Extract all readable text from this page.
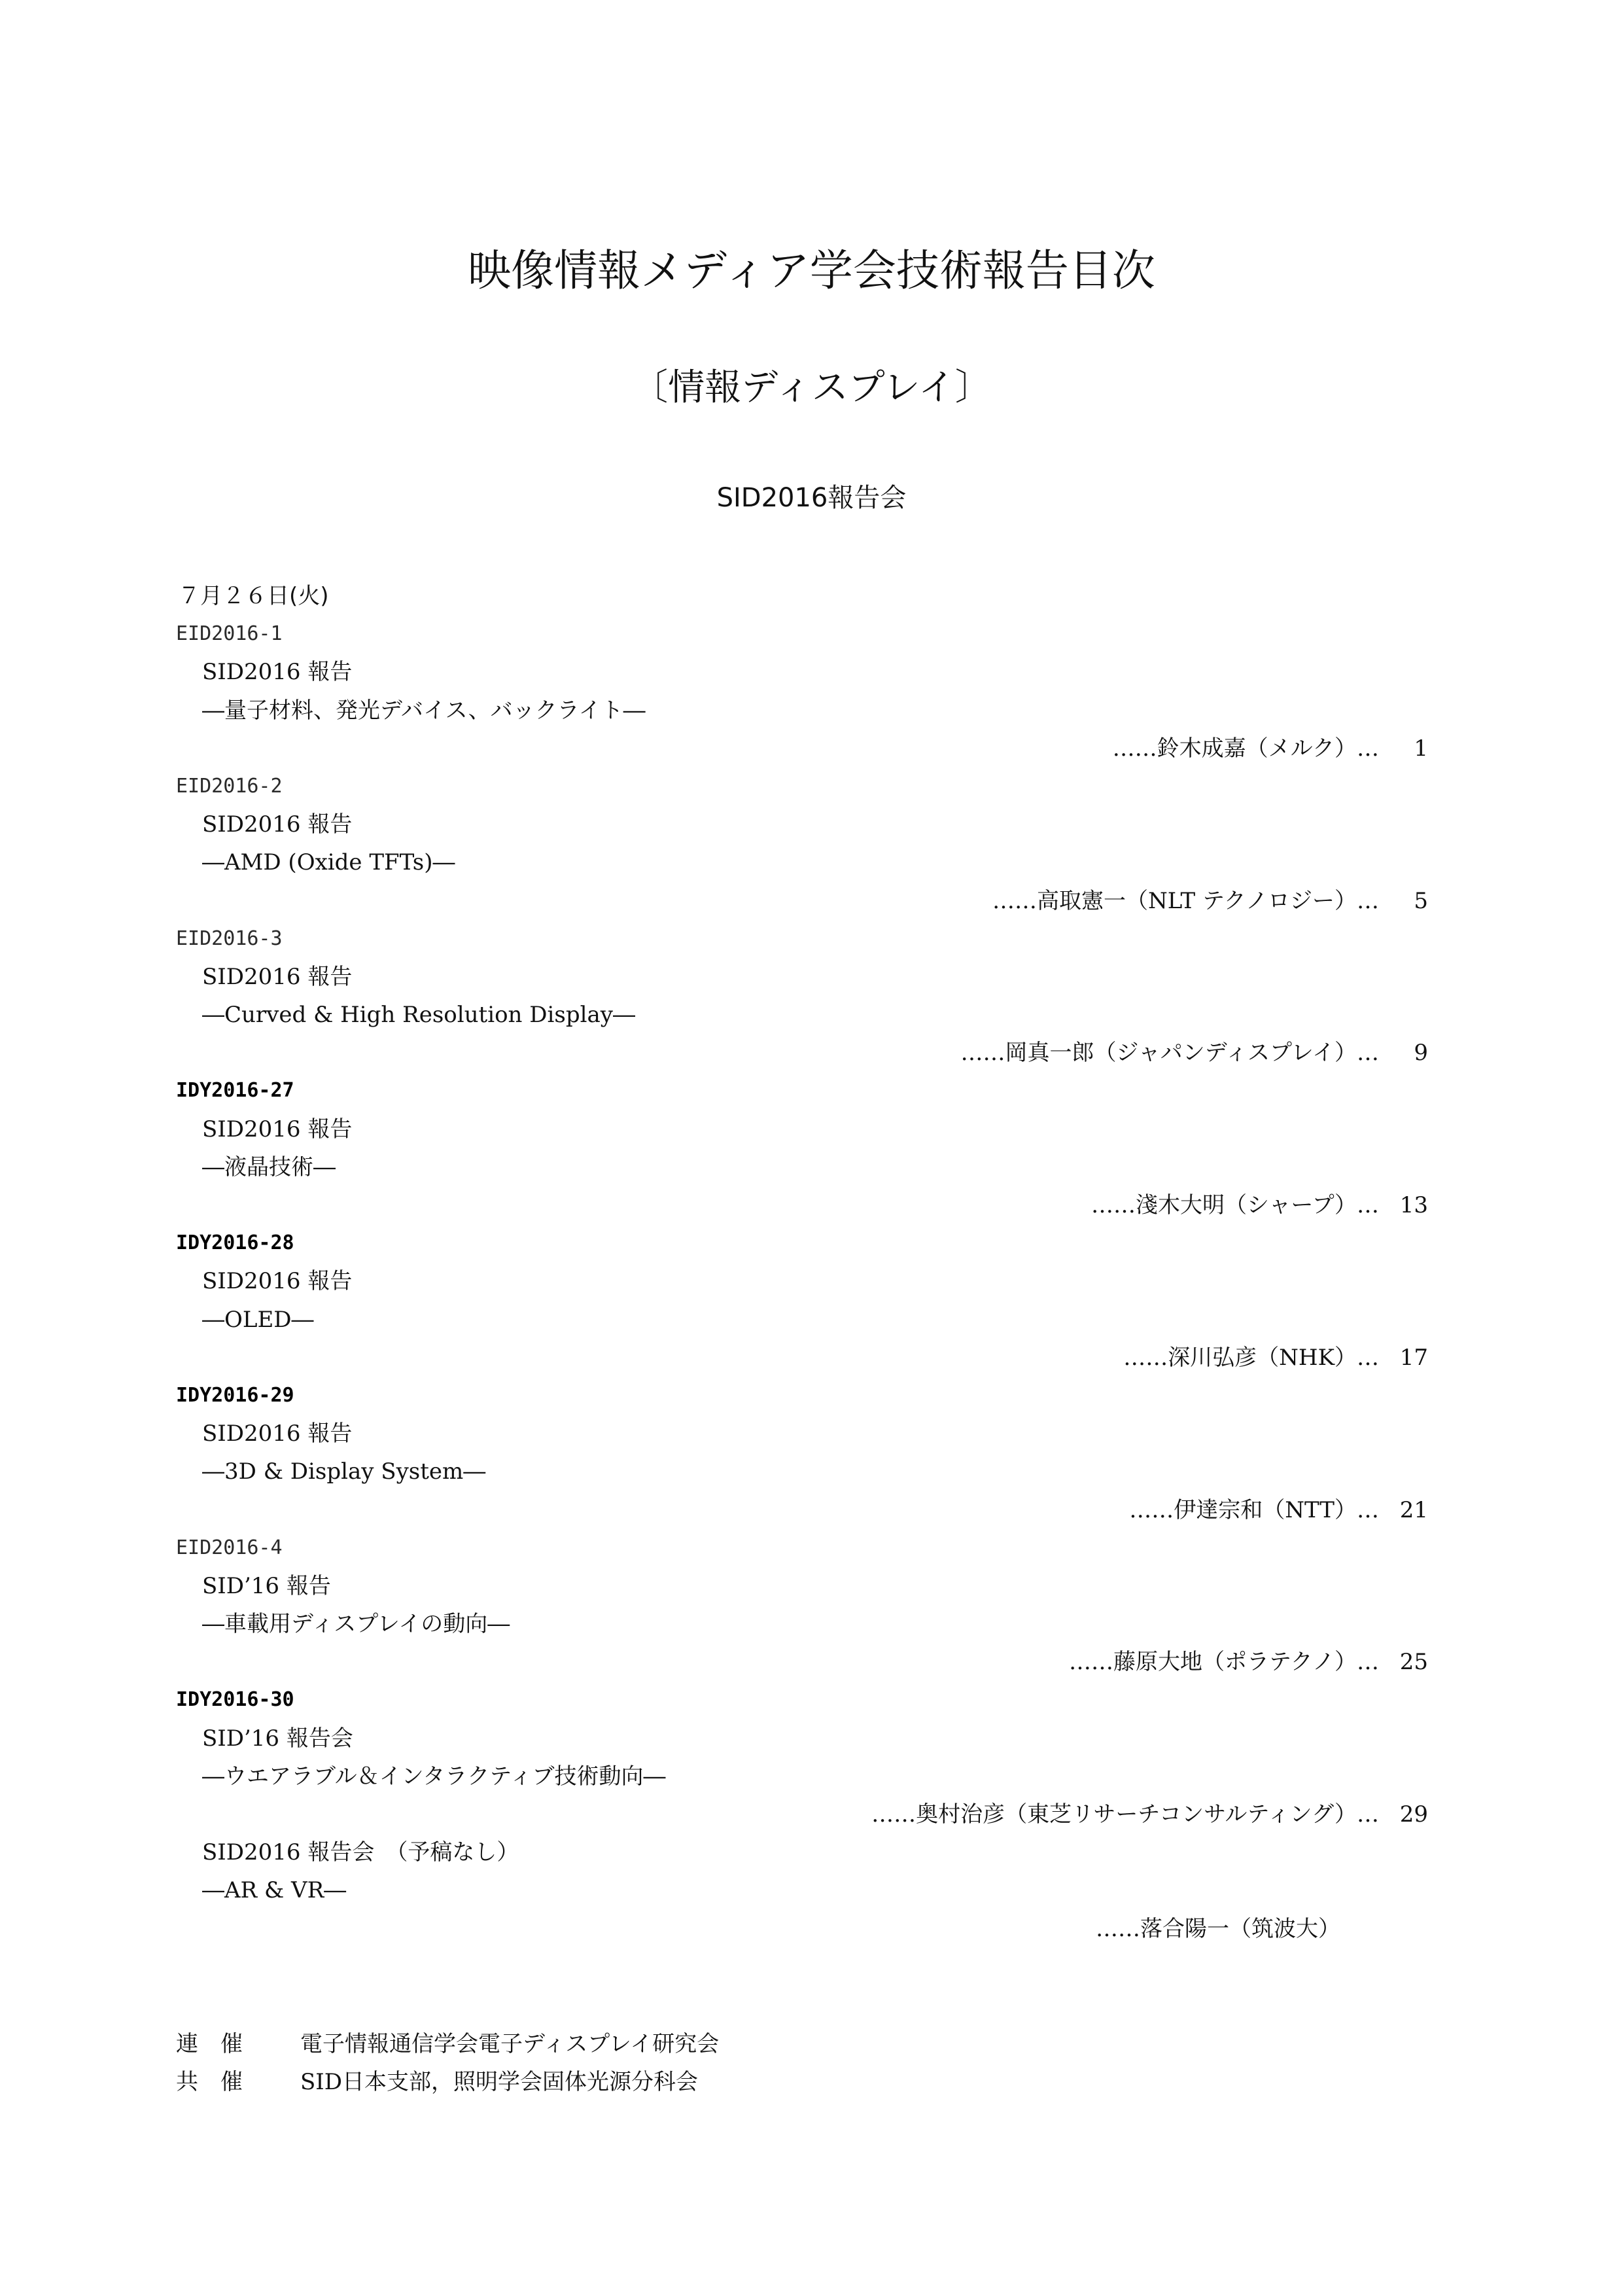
映像情報メディア学会技術報告目次
〔情報ディスプレイ〕
SID2016報告会
７月２６日(火)
EID2016-1
SID2016 報告
―量子材料、発光デバイス、バックライト―
……鈴木成嘉（メルク）…	1
EID2016-2
SID2016 報告
―AMD (Oxide TFTs)―
……高取憲一（NLT テクノロジー）…	5
EID2016-3
SID2016 報告
―Curved & High Resolution Display―
……岡真一郎（ジャパンディスプレイ）…	9
IDY2016-27
SID2016 報告
―液晶技術―
……淺木大明（シャープ）… 13
IDY2016-28
SID2016 報告
―OLED―
……深川弘彦（NHK）… 17
IDY2016-29
SID2016 報告
―3D & Display System―
……伊達宗和（NTT）… 21
EID2016-4
SID’16 報告
―車載用ディスプレイの動向―
……藤原大地（ポラテクノ）… 25
IDY2016-30
SID’16 報告会
―ウエアラブル＆インタラクティブ技術動向―
……奥村治彦（東芝リサーチコンサルティング）… 29
SID2016 報告会　（予稿なし）
―AR & VR―
……落合陽一（筑波大）
連　催	電子情報通信学会電子ディスプレイ研究会
共　催	SID日本支部，照明学会固体光源分科会
